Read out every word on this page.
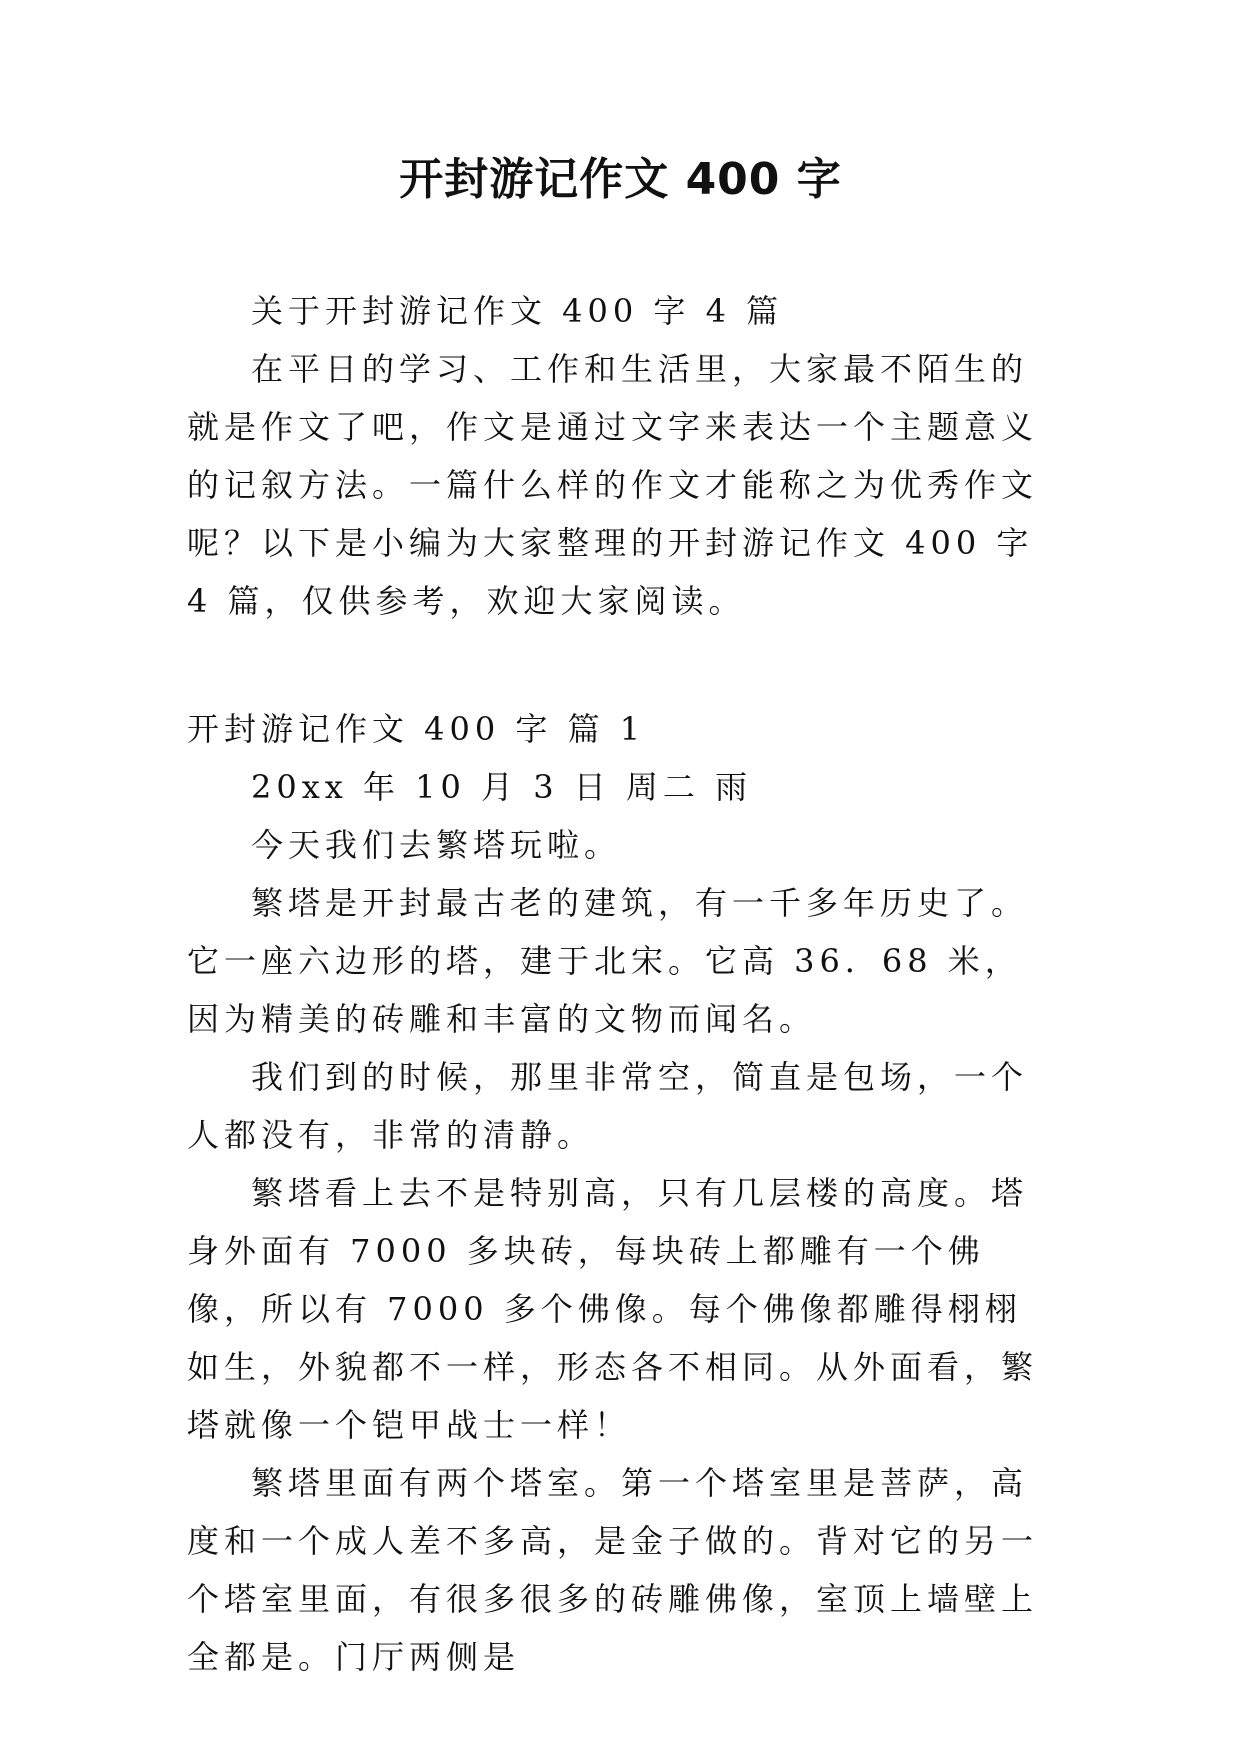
开封游记作文 400 字

关于开封游记作文 400 字 4 篇

在平日的学习、工作和生活里，大家最不陌生的就是作文了吧，作文是通过文字来表达一个主题意义的记叙方法。一篇什么样的作文才能称之为优秀作文呢？以下是小编为大家整理的开封游记作文 400 字 4 篇，仅供参考，欢迎大家阅读。

开封游记作文 400 字 篇 1

20xx 年 10 月 3 日 周二 雨

今天我们去繁塔玩啦。

繁塔是开封最古老的建筑，有一千多年历史了。它一座六边形的塔，建于北宋。它高 36．68 米，因为精美的砖雕和丰富的文物而闻名。

我们到的时候，那里非常空，简直是包场，一个人都没有，非常的清静。

繁塔看上去不是特别高，只有几层楼的高度。塔身外面有 7000 多块砖，每块砖上都雕有一个佛像，所以有 7000 多个佛像。每个佛像都雕得栩栩如生，外貌都不一样，形态各不相同。从外面看，繁塔就像一个铠甲战士一样！

繁塔里面有两个塔室。第一个塔室里是菩萨，高度和一个成人差不多高，是金子做的。背对它的另一个塔室里面，有很多很多的砖雕佛像，室顶上墙壁上全都是。门厅两侧是
